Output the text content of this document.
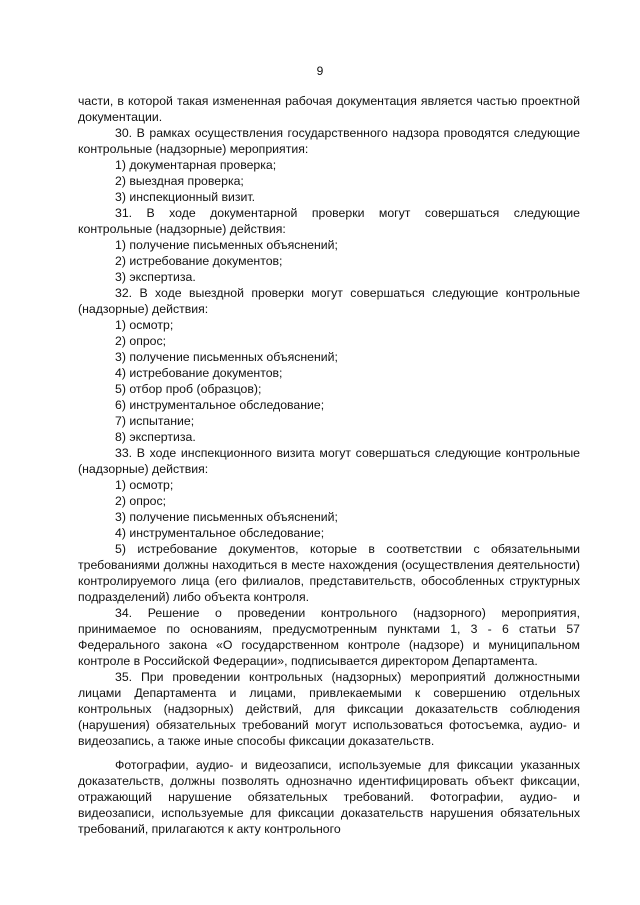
9

части, в которой такая измененная рабочая документация является частью проектной документации.

30. В рамках осуществления государственного надзора проводятся следующие контрольные (надзорные) мероприятия:

1) документарная проверка;

2) выездная проверка;

3) инспекционный визит.

31. В ходе документарной проверки могут совершаться следующие контрольные (надзорные) действия:

1) получение письменных объяснений;

2) истребование документов;

3) экспертиза.

32. В ходе выездной проверки могут совершаться следующие контрольные (надзорные) действия:

1) осмотр;

2) опрос;

3) получение письменных объяснений;

4) истребование документов;

5) отбор проб (образцов);

6) инструментальное обследование;

7) испытание;

8) экспертиза.

33. В ходе инспекционного визита могут совершаться следующие контрольные (надзорные) действия:

1) осмотр;

2) опрос;

3) получение письменных объяснений;

4) инструментальное обследование;

5) истребование документов, которые в соответствии с обязательными требованиями должны находиться в месте нахождения (осуществления деятельности) контролируемого лица (его филиалов, представительств, обособленных структурных подразделений) либо объекта контроля.

34. Решение о проведении контрольного (надзорного) мероприятия, принимаемое по основаниям, предусмотренным пунктами 1, 3 - 6 статьи 57 Федерального закона «О государственном контроле (надзоре) и муниципальном контроле в Российской Федерации», подписывается директором Департамента.

35. При проведении контрольных (надзорных) мероприятий должностными лицами Департамента и лицами, привлекаемыми к совершению отдельных контрольных (надзорных) действий, для фиксации доказательств соблюдения (нарушения) обязательных требований могут использоваться фотосъемка, аудио- и видеозапись, а также иные способы фиксации доказательств.

Фотографии, аудио- и видеозаписи, используемые для фиксации указанных доказательств, должны позволять однозначно идентифицировать объект фиксации, отражающий нарушение обязательных требований. Фотографии, аудио- и видеозаписи, используемые для фиксации доказательств нарушения обязательных требований, прилагаются к акту контрольного
